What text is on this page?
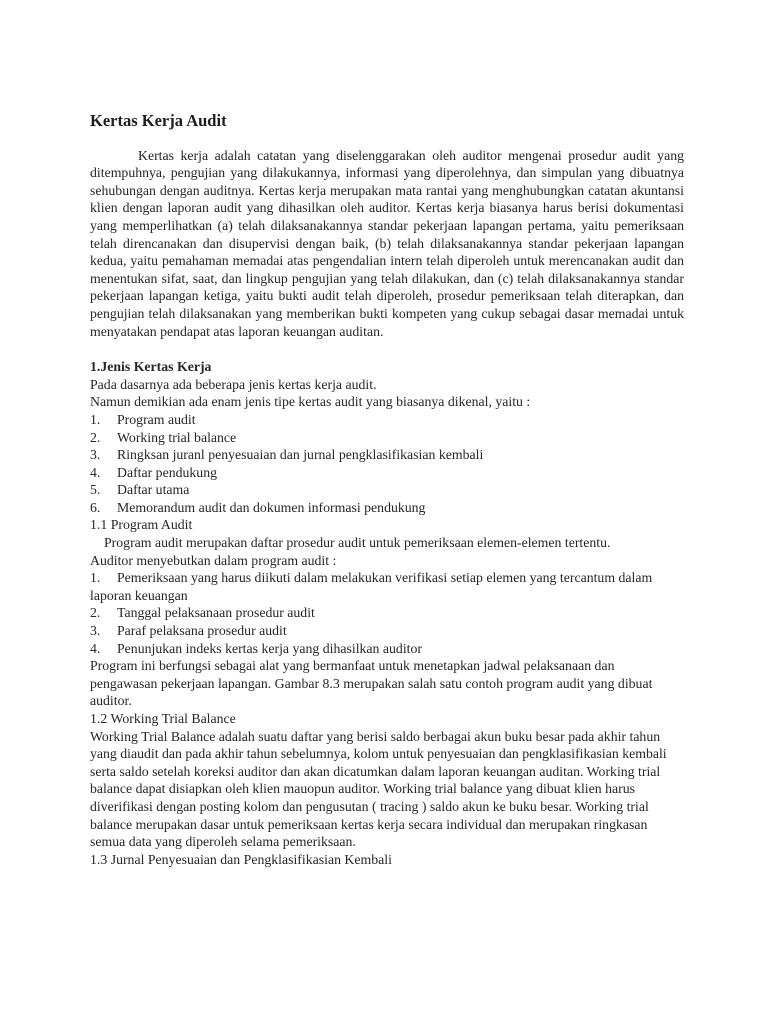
Kertas Kerja Audit

Kertas kerja adalah catatan yang diselenggarakan oleh auditor mengenai prosedur audit yang ditempuhnya, pengujian yang dilakukannya, informasi yang diperolehnya, dan simpulan yang dibuatnya sehubungan dengan auditnya. Kertas kerja merupakan mata rantai yang menghubungkan catatan akuntansi klien dengan laporan audit yang dihasilkan oleh auditor. Kertas kerja biasanya harus berisi dokumentasi yang memperlihatkan (a) telah dilaksanakannya standar pekerjaan lapangan pertama, yaitu pemeriksaan telah direncanakan dan disupervisi dengan baik, (b) telah dilaksanakannya standar pekerjaan lapangan kedua, yaitu pemahaman memadai atas pengendalian intern telah diperoleh untuk merencanakan audit dan menentukan sifat, saat, dan lingkup pengujian yang telah dilakukan, dan (c) telah dilaksanakannya standar pekerjaan lapangan ketiga, yaitu bukti audit telah diperoleh, prosedur pemeriksaan telah diterapkan, dan pengujian telah dilaksanakan yang memberikan bukti kompeten yang cukup sebagai dasar memadai untuk menyatakan pendapat atas laporan keuangan auditan.

1.Jenis Kertas Kerja

Pada dasarnya ada beberapa jenis kertas kerja audit.

Namun demikian ada enam jenis tipe kertas audit yang biasanya dikenal, yaitu :

1.	Program audit
2.	Working trial balance
3.	Ringksan juranl penyesuaian dan jurnal pengklasifikasian kembali
4.	Daftar pendukung
5.	Daftar utama
6.	Memorandum audit dan dokumen informasi pendukung

1.1 Program Audit

Program audit merupakan daftar prosedur audit untuk pemeriksaan elemen-elemen tertentu.

Auditor menyebutkan dalam program audit :

1.	Pemeriksaan yang harus diikuti dalam melakukan verifikasi setiap elemen yang tercantum dalam laporan keuangan
2.	Tanggal pelaksanaan prosedur audit
3.	Paraf pelaksana prosedur audit
4.	Penunjukan indeks kertas kerja yang dihasilkan auditor

Program ini berfungsi sebagai alat yang bermanfaat untuk menetapkan jadwal pelaksanaan dan pengawasan pekerjaan lapangan. Gambar 8.3 merupakan salah satu contoh program audit yang dibuat auditor.

1.2 Working Trial Balance

Working Trial Balance adalah suatu daftar yang berisi saldo berbagai akun buku besar pada akhir tahun yang diaudit dan pada akhir tahun sebelumnya, kolom untuk penyesuaian dan pengklasifikasian kembali serta saldo setelah koreksi auditor dan akan dicatumkan dalam laporan keuangan auditan. Working trial balance dapat disiapkan oleh klien mauopun auditor. Working trial balance yang dibuat klien harus diverifikasi dengan posting kolom dan pengusutan ( tracing ) saldo akun ke buku besar. Working trial balance merupakan dasar untuk pemeriksaan kertas kerja secara individual dan merupakan ringkasan semua data yang diperoleh selama pemeriksaan.

1.3 Jurnal Penyesuaian dan Pengklasifikasian Kembali
